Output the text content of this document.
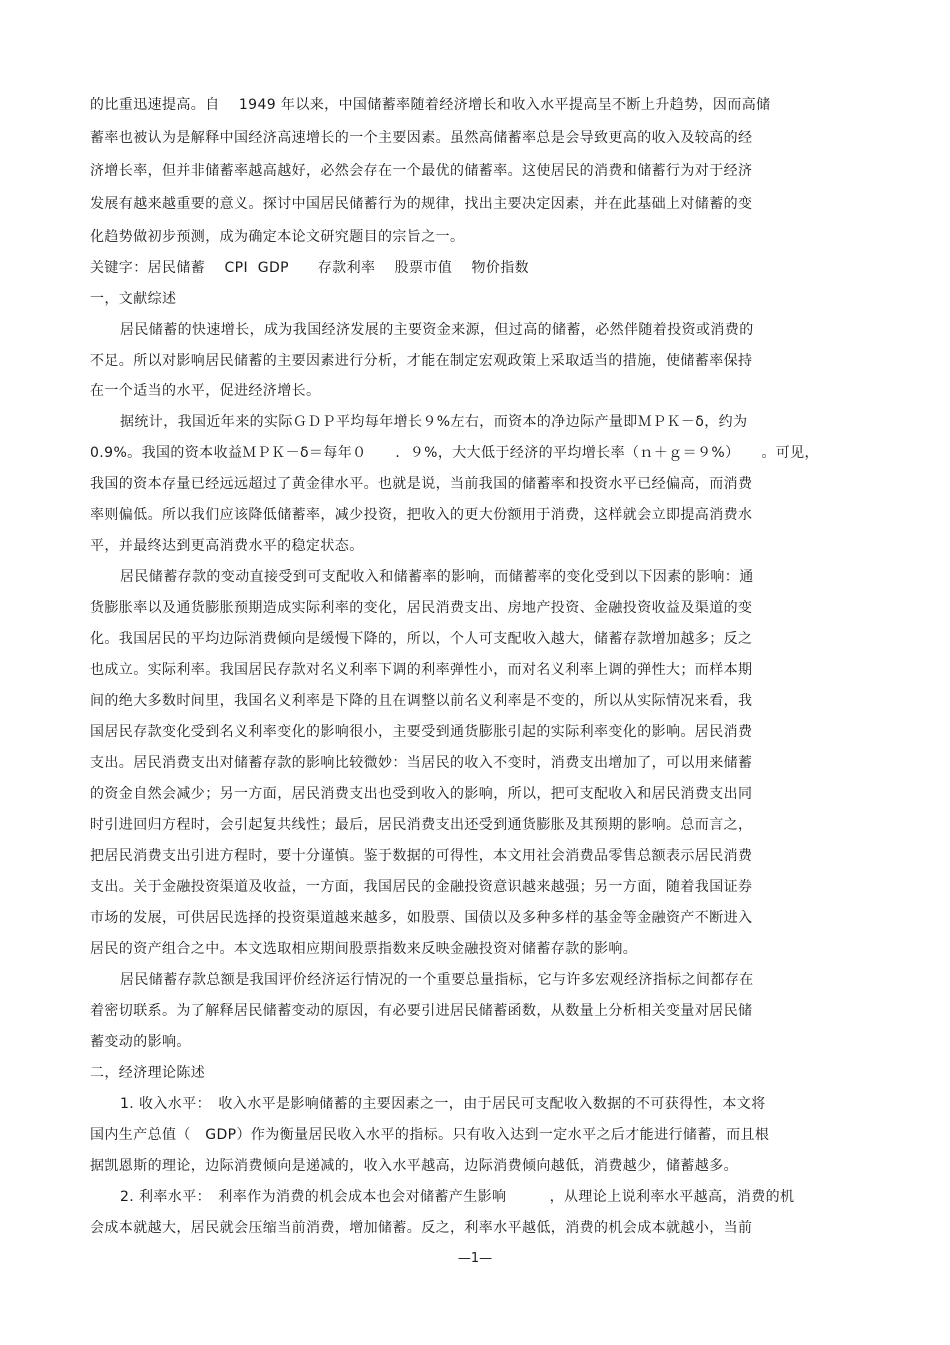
的比重迅速提高。自　 1949 年以来，中国储蓄率随着经济增长和收入水平提高呈不断上升趋势，因而高储
蓄率也被认为是解释中国经济高速增长的一个主要因素。虽然高储蓄率总是会导致更高的收入及较高的经
济增长率，但并非储蓄率越高越好，必然会存在一个最优的储蓄率。这使居民的消费和储蓄行为对于经济
发展有越来越重要的意义。探讨中国居民储蓄行为的规律，找出主要决定因素，并在此基础上对储蓄的变
化趋势做初步预测，成为确定本论文研究题目的宗旨之一。
关键字：居民储蓄　 CPI  GDP　　存款利率　 股票市值　 物价指数
一，文献综述
居民储蓄的快速增长，成为我国经济发展的主要资金来源，但过高的储蓄，必然伴随着投资或消费的
不足。所以对影响居民储蓄的主要因素进行分析，才能在制定宏观政策上采取适当的措施，使储蓄率保持
在一个适当的水平，促进经济增长。
据统计，我国近年来的实际ＧＤＰ平均每年增长９%左右，而资本的净边际产量即ＭＰＫ－δ，约为
0.9%。我国的资本收益ＭＰＫ－δ＝每年０　　．９%，大大低于经济的平均增长率（ｎ＋ｇ＝９%）　　。可见，
我国的资本存量已经远远超过了黄金律水平。也就是说，当前我国的储蓄率和投资水平已经偏高，而消费
率则偏低。所以我们应该降低储蓄率，减少投资，把收入的更大份额用于消费，这样就会立即提高消费水
平，并最终达到更高消费水平的稳定状态。
居民储蓄存款的变动直接受到可支配收入和储蓄率的影响，而储蓄率的变化受到以下因素的影响：通
货膨胀率以及通货膨胀预期造成实际利率的变化，居民消费支出、房地产投资、金融投资收益及渠道的变
化。我国居民的平均边际消费倾向是缓慢下降的，所以，个人可支配收入越大，储蓄存款增加越多；反之
也成立。实际利率。我国居民存款对名义利率下调的利率弹性小，而对名义利率上调的弹性大；而样本期
间的绝大多数时间里，我国名义利率是下降的且在调整以前名义利率是不变的，所以从实际情况来看，我
国居民存款变化受到名义利率变化的影响很小，主要受到通货膨胀引起的实际利率变化的影响。居民消费
支出。居民消费支出对储蓄存款的影响比较微妙：当居民的收入不变时，消费支出增加了，可以用来储蓄
的资金自然会减少；另一方面，居民消费支出也受到收入的影响，所以，把可支配收入和居民消费支出同
时引进回归方程时，会引起复共线性；最后，居民消费支出还受到通货膨胀及其预期的影响。总而言之，
把居民消费支出引进方程时，要十分谨慎。鉴于数据的可得性，本文用社会消费品零售总额表示居民消费
支出。关于金融投资渠道及收益，一方面，我国居民的金融投资意识越来越强；另一方面，随着我国证券
市场的发展，可供居民选择的投资渠道越来越多，如股票、国债以及多种多样的基金等金融资产不断进入
居民的资产组合之中。本文选取相应期间股票指数来反映金融投资对储蓄存款的影响。
居民储蓄存款总额是我国评价经济运行情况的一个重要总量指标，它与许多宏观经济指标之间都存在
着密切联系。为了解释居民储蓄变动的原因，有必要引进居民储蓄函数，从数量上分析相关变量对居民储
蓄变动的影响。
二，经济理论陈述
1. 收入水平：　收入水平是影响储蓄的主要因素之一，由于居民可支配收入数据的不可获得性，本文将
国内生产总值（　GDP）作为衡量居民收入水平的指标。只有收入达到一定水平之后才能进行储蓄，而且根
据凯恩斯的理论，边际消费倾向是递减的，收入水平越高，边际消费倾向越低，消费越少，储蓄越多。
2. 利率水平：　利率作为消费的机会成本也会对储蓄产生影响　　　，从理论上说利率水平越高，消费的机
会成本就越大，居民就会压缩当前消费，增加储蓄。反之，利率水平越低，消费的机会成本就越小，当前
—1—
